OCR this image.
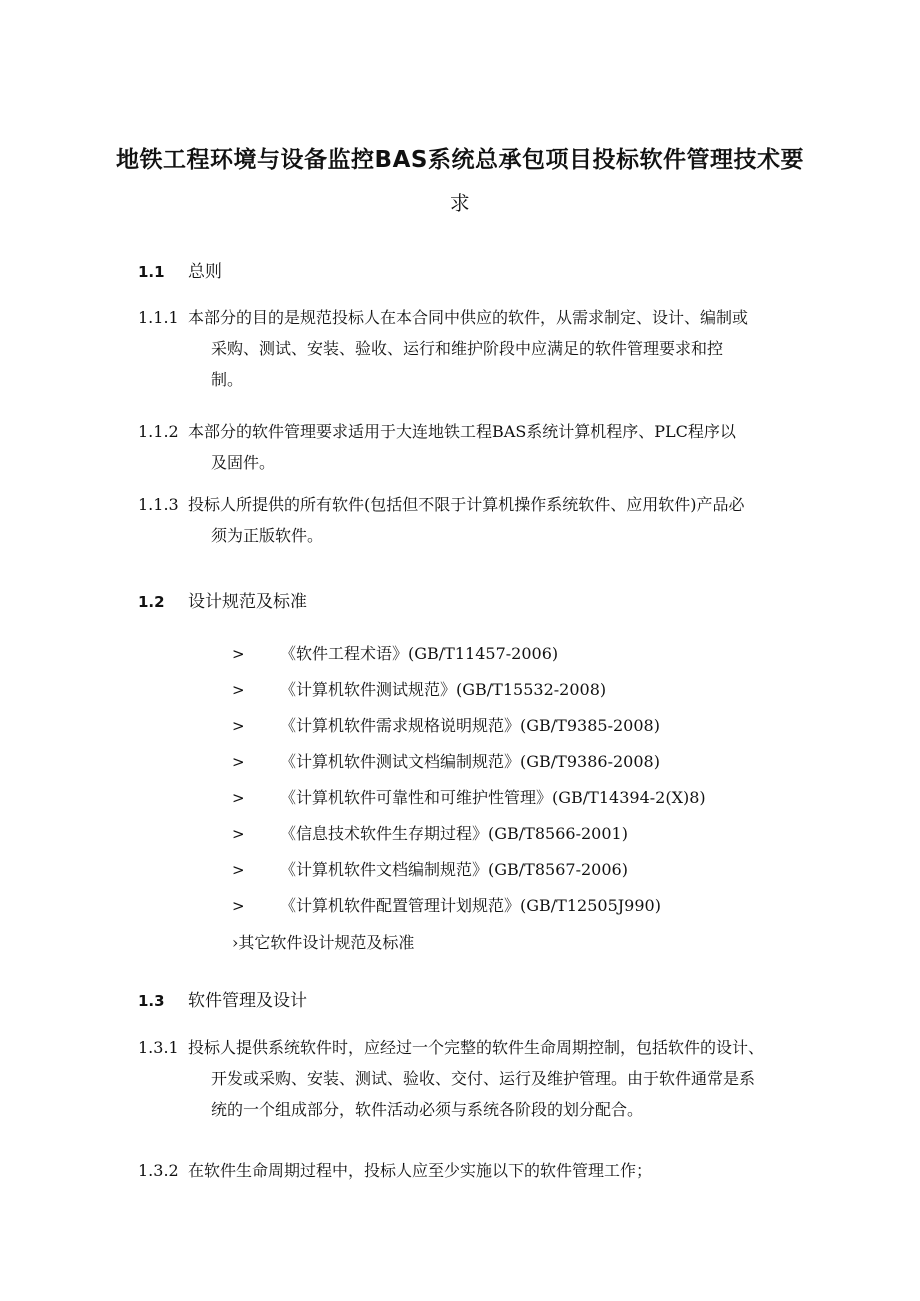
地铁工程环境与设备监控BAS系统总承包项目投标软件管理技术要
求
1.1 总则
1.1.1 本部分的目的是规范投标人在本合同中供应的软件，从需求制定、设计、编制或
采购、测试、安装、验收、运行和维护阶段中应满足的软件管理要求和控
制。
1.1.2 本部分的软件管理要求适用于大连地铁工程BAS系统计算机程序、PLC程序以
及固件。
1.1.3 投标人所提供的所有软件(包括但不限于计算机操作系统软件、应用软件)产品必
须为正版软件。
1.2 设计规范及标准
> 《软件工程术语》(GB/T11457-2006)
> 《计算机软件测试规范》(GB/T15532-2008)
> 《计算机软件需求规格说明规范》(GB/T9385-2008)
> 《计算机软件测试文档编制规范》(GB/T9386-2008)
> 《计算机软件可靠性和可维护性管理》(GB/T14394-2(X)8)
> 《信息技术软件生存期过程》(GB/T8566-2001)
> 《计算机软件文档编制规范》(GB/T8567-2006)
> 《计算机软件配置管理计划规范》(GB/T12505J990)
›其它软件设计规范及标准
1.3 软件管理及设计
1.3.1 投标人提供系统软件时，应经过一个完整的软件生命周期控制，包括软件的设计、
开发或采购、安装、测试、验收、交付、运行及维护管理。由于软件通常是系
统的一个组成部分，软件活动必须与系统各阶段的划分配合。
1.3.2 在软件生命周期过程中，投标人应至少实施以下的软件管理工作；
